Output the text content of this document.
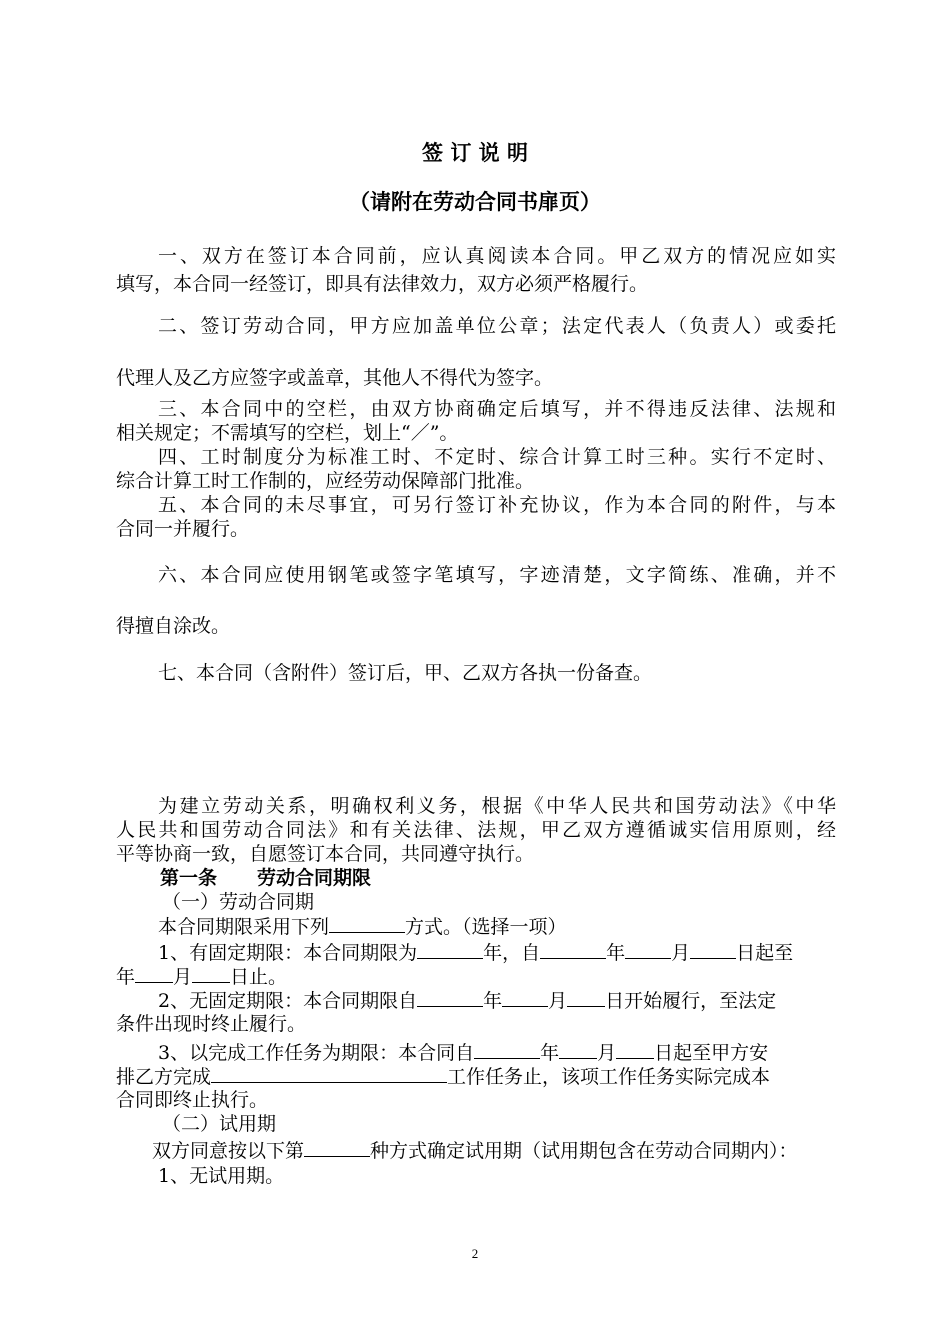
签 订 说 明
（请附在劳动合同书扉页）
一、双方在签订本合同前，应认真阅读本合同。甲乙双方的情况应如实
填写，本合同一经签订，即具有法律效力，双方必须严格履行。
二、签订劳动合同，甲方应加盖单位公章；法定代表人（负责人）或委托
代理人及乙方应签字或盖章，其他人不得代为签字。
三、本合同中的空栏，由双方协商确定后填写，并不得违反法律、法规和
相关规定；不需填写的空栏，划上“／”。
四、工时制度分为标准工时、不定时、综合计算工时三种。实行不定时、
综合计算工时工作制的，应经劳动保障部门批准。
五、本合同的未尽事宜，可另行签订补充协议，作为本合同的附件，与本
合同一并履行。
六、本合同应使用钢笔或签字笔填写，字迹清楚，文字简练、准确，并不
得擅自涂改。
七、本合同（含附件）签订后，甲、乙双方各执一份备查。
为建立劳动关系，明确权利义务，根据《中华人民共和国劳动法》《中华
人民共和国劳动合同法》和有关法律、法规，甲乙双方遵循诚实信用原则，经
平等协商一致，自愿签订本合同，共同遵守执行。
第一条 劳动合同期限
（一）劳动合同期
本合同期限采用下列	方式。（选择一项）
1、有固定期限：本合同期限为	年，自	年 月 日起至
年 月 日止。
2、无固定期限：本合同期限自	年 月 日开始履行，至法定
条件出现时终止履行。
3、以完成工作任务为期限：本合同自	年 月 日起至甲方安
排乙方完成	工作任务止，该项工作任务实际完成本
合同即终止执行。
（二）试用期
双方同意按以下第	种方式确定试用期（试用期包含在劳动合同期内）：
1、无试用期。
2
